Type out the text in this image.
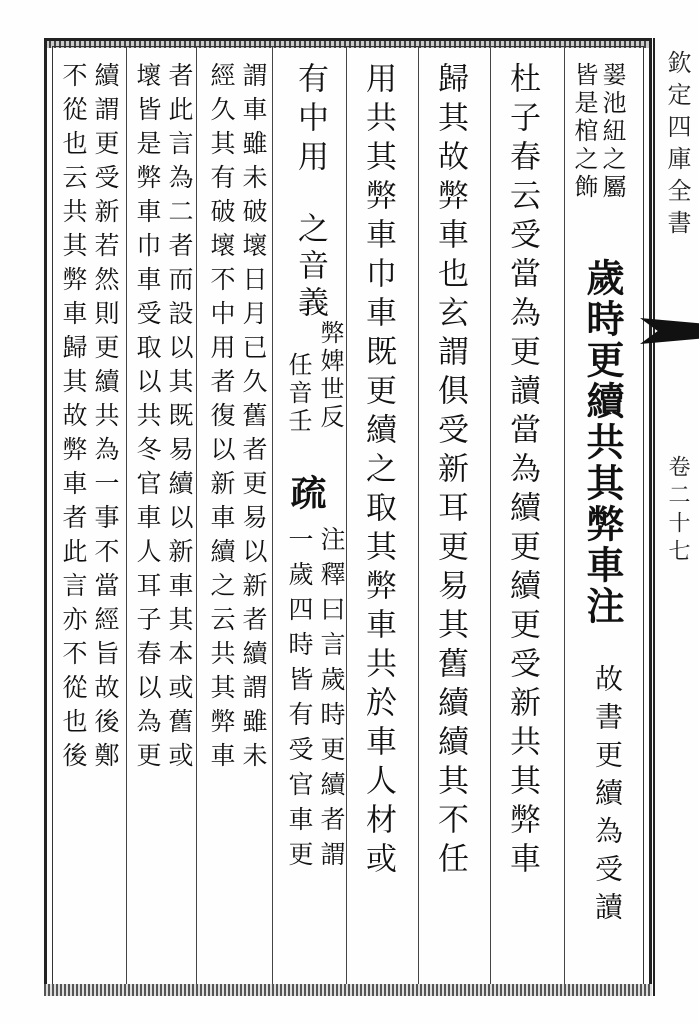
翣池紐之屬
皆是棺之飾
歲時更續共其弊車注
故書更續為受讀
杜子春云受當為更讀當為續更續更受新共其弊車
歸其故弊車也玄謂俱受新耳更易其舊續續其不任
用共其弊車巾車既更續之取其弊車共於車人材或
有中用
之音義
弊婢世反
任音壬
疏
注釋曰言歲時更續者謂
一歲四時皆有受官車更
謂車雖未破壞日月已久舊者更易以新者續謂雖未
經久其有破壞不中用者復以新車續之云共其弊車
者此言為二者而設以其既易續以新車其本或舊或
壞皆是弊車巾車受取以共冬官車人耳子春以為更
續謂更受新若然則更續共為一事不當經旨故後鄭
不從也云共其弊車歸其故弊車者此言亦不從也後	欽定四庫全書
卷二十七
